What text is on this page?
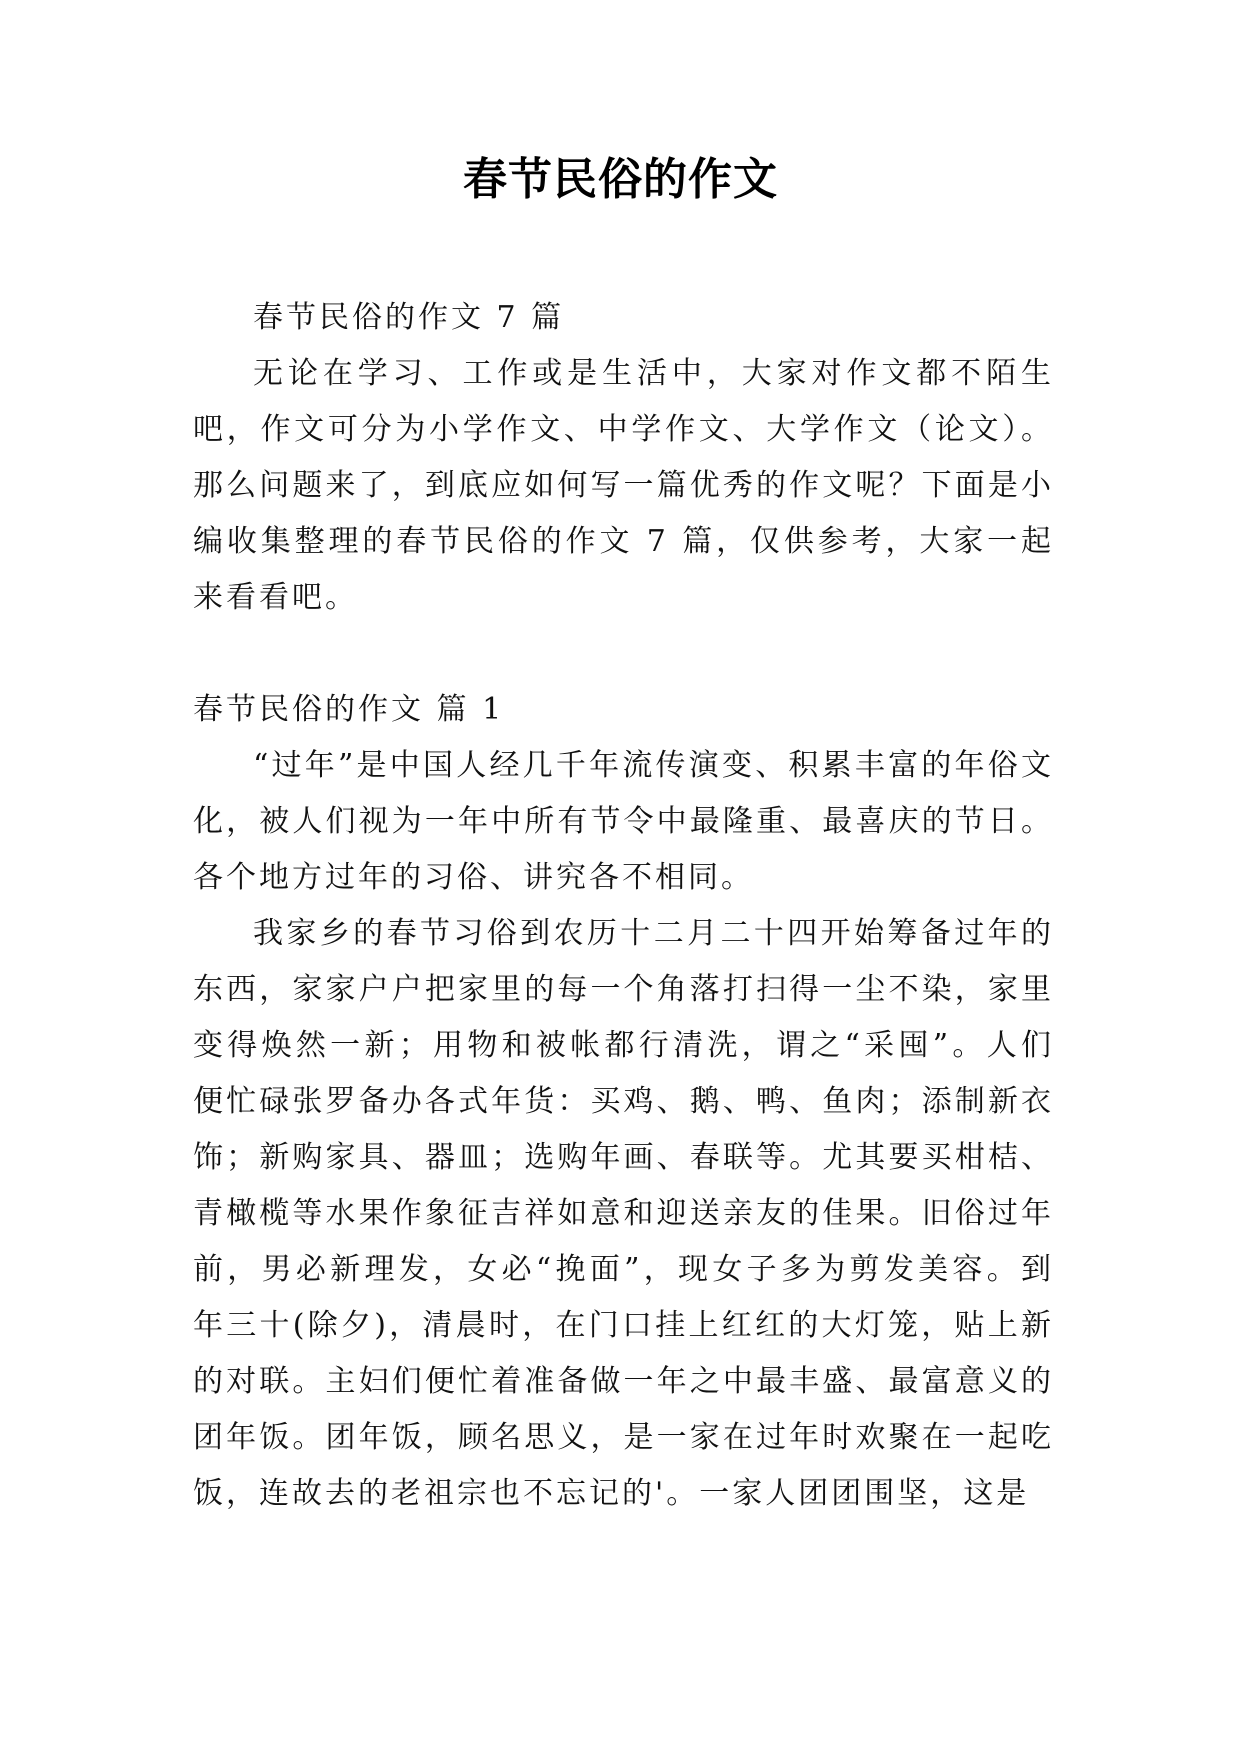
春节民俗的作文

春节民俗的作文 7 篇

无论在学习、工作或是生活中，大家对作文都不陌生吧，作文可分为小学作文、中学作文、大学作文（论文）。那么问题来了，到底应如何写一篇优秀的作文呢？下面是小编收集整理的春节民俗的作文 7 篇，仅供参考，大家一起来看看吧。

春节民俗的作文 篇 1

“过年”是中国人经几千年流传演变、积累丰富的年俗文化，被人们视为一年中所有节令中最隆重、最喜庆的节日。各个地方过年的习俗、讲究各不相同。

我家乡的春节习俗到农历十二月二十四开始筹备过年的东西，家家户户把家里的每一个角落打扫得一尘不染，家里变得焕然一新；用物和被帐都行清洗，谓之“采囤”。人们便忙碌张罗备办各式年货：买鸡、鹅、鸭、鱼肉；添制新衣饰；新购家具、器皿；选购年画、春联等。尤其要买柑桔、青橄榄等水果作象征吉祥如意和迎送亲友的佳果。旧俗过年前，男必新理发，女必“挽面”，现女子多为剪发美容。到年三十(除夕)，清晨时，在门口挂上红红的大灯笼，贴上新的对联。主妇们便忙着准备做一年之中最丰盛、最富意义的团年饭。团年饭，顾名思义，是一家在过年时欢聚在一起吃饭，连故去的老祖宗也不忘记的'。一家人团团围坚，这是
